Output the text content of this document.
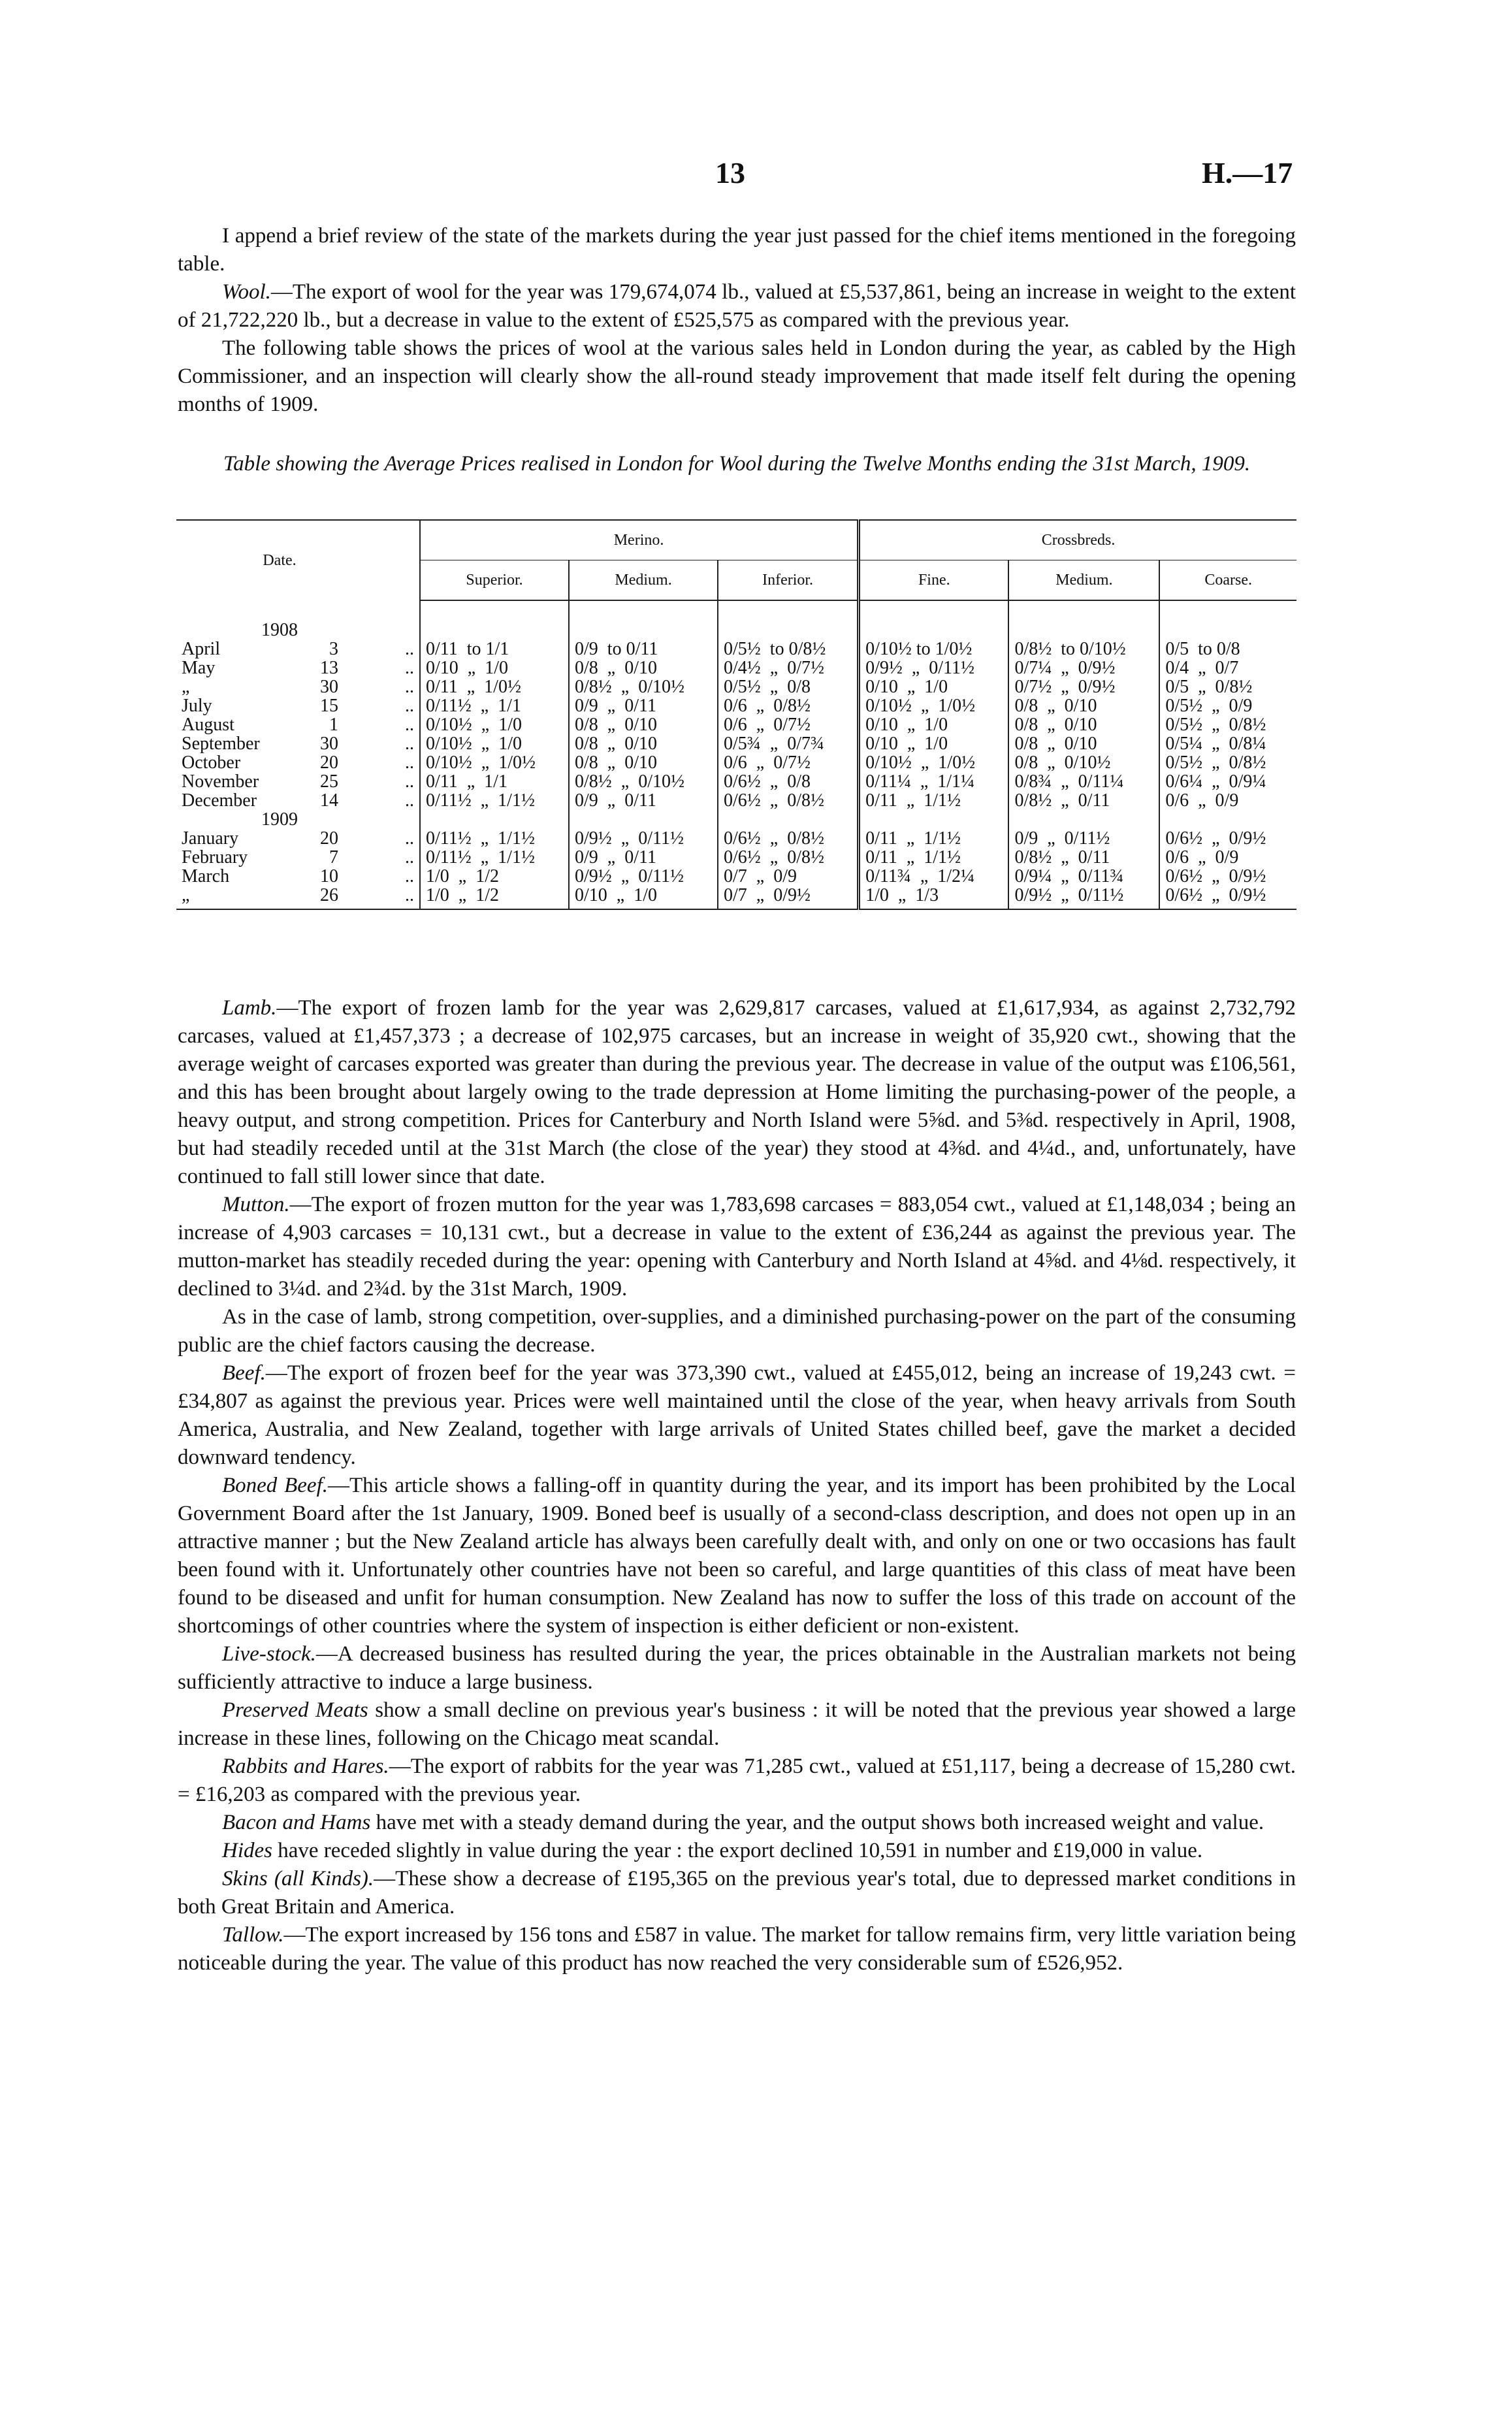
13	H.—17

I append a brief review of the state of the markets during the year just passed for the chief items mentioned in the foregoing table.

Wool.—The export of wool for the year was 179,674,074 lb., valued at £5,537,861, being an increase in weight to the extent of 21,722,220 lb., but a decrease in value to the extent of £525,575 as compared with the previous year.

The following table shows the prices of wool at the various sales held in London during the year, as cabled by the High Commissioner, and an inspection will clearly show the all-round steady improvement that made itself felt during the opening months of 1909.

Table showing the Average Prices realised in London for Wool during the Twelve Months ending the 31st March, 1909.
Date.		Merino.			Crossbreds.		
		Superior.	Medium.	Inferior.	Fine.	Medium.	Coarse.

1908							
April 3	..	0/11  to 1/1	0/9  to 0/11	0/5½  to 0/8½	0/10½ to 1/0½	0/8½  to 0/10½	0/5  to 0/8
May 13	..	0/10  „  1/0	0/8  „  0/10	0/4½  „  0/7½	0/9½  „  0/11½	0/7¼  „  0/9½	0/4  „  0/7
„ 30	..	0/11  „  1/0½	0/8½  „  0/10½	0/5½  „  0/8	0/10  „  1/0	0/7½  „  0/9½	0/5  „  0/8½
July 15	..	0/11½  „  1/1	0/9  „  0/11	0/6  „  0/8½	0/10½  „  1/0½	0/8  „  0/10	0/5½  „  0/9
August 1	..	0/10½  „  1/0	0/8  „  0/10	0/6  „  0/7½	0/10  „  1/0	0/8  „  0/10	0/5½  „  0/8½
September 30	..	0/10½  „  1/0	0/8  „  0/10	0/5¾  „  0/7¾	0/10  „  1/0	0/8  „  0/10	0/5¼  „  0/8¼
October 20	..	0/10½  „  1/0½	0/8  „  0/10	0/6  „  0/7½	0/10½  „  1/0½	0/8  „  0/10½	0/5½  „  0/8½
November 25	..	0/11  „  1/1	0/8½  „  0/10½	0/6½  „  0/8	0/11¼  „  1/1¼	0/8¾  „  0/11¼	0/6¼  „  0/9¼
December 14	..	0/11½  „  1/1½	0/9  „  0/11	0/6½  „  0/8½	0/11  „  1/1½	0/8½  „  0/11	0/6  „  0/9
1909							
January 20	..	0/11½  „  1/1½	0/9½  „  0/11½	0/6½  „  0/8½	0/11  „  1/1½	0/9  „  0/11½	0/6½  „  0/9½
February 7	..	0/11½  „  1/1½	0/9  „  0/11	0/6½  „  0/8½	0/11  „  1/1½	0/8½  „  0/11	0/6  „  0/9
March 10	..	1/0  „  1/2	0/9½  „  0/11½	0/7  „  0/9	0/11¾  „  1/2¼	0/9¼  „  0/11¾	0/6½  „  0/9½
„ 26	..	1/0  „  1/2	0/10  „  1/0	0/7  „  0/9½	1/0  „  1/3	0/9½  „  0/11½	0/6½  „  0/9½

Lamb.—The export of frozen lamb for the year was 2,629,817 carcases, valued at £1,617,934, as against 2,732,792 carcases, valued at £1,457,373 ; a decrease of 102,975 carcases, but an increase in weight of 35,920 cwt., showing that the average weight of carcases exported was greater than during the previous year. The decrease in value of the output was £106,561, and this has been brought about largely owing to the trade depression at Home limiting the purchasing-power of the people, a heavy output, and strong competition. Prices for Canterbury and North Island were 5⅝d. and 5⅜d. respectively in April, 1908, but had steadily receded until at the 31st March (the close of the year) they stood at 4⅜d. and 4¼d., and, unfortunately, have continued to fall still lower since that date.

Mutton.—The export of frozen mutton for the year was 1,783,698 carcases = 883,054 cwt., valued at £1,148,034 ; being an increase of 4,903 carcases = 10,131 cwt., but a decrease in value to the extent of £36,244 as against the previous year. The mutton-market has steadily receded during the year: opening with Canterbury and North Island at 4⅝d. and 4⅛d. respectively, it declined to 3¼d. and 2¾d. by the 31st March, 1909.

As in the case of lamb, strong competition, over-supplies, and a diminished purchasing-power on the part of the consuming public are the chief factors causing the decrease.

Beef.—The export of frozen beef for the year was 373,390 cwt., valued at £455,012, being an increase of 19,243 cwt. = £34,807 as against the previous year. Prices were well maintained until the close of the year, when heavy arrivals from South America, Australia, and New Zealand, together with large arrivals of United States chilled beef, gave the market a decided downward tendency.

Boned Beef.—This article shows a falling-off in quantity during the year, and its import has been prohibited by the Local Government Board after the 1st January, 1909. Boned beef is usually of a second-class description, and does not open up in an attractive manner ; but the New Zealand article has always been carefully dealt with, and only on one or two occasions has fault been found with it. Unfortunately other countries have not been so careful, and large quantities of this class of meat have been found to be diseased and unfit for human consumption. New Zealand has now to suffer the loss of this trade on account of the shortcomings of other countries where the system of inspection is either deficient or non-existent.

Live-stock.—A decreased business has resulted during the year, the prices obtainable in the Australian markets not being sufficiently attractive to induce a large business.

Preserved Meats show a small decline on previous year's business : it will be noted that the previous year showed a large increase in these lines, following on the Chicago meat scandal.

Rabbits and Hares.—The export of rabbits for the year was 71,285 cwt., valued at £51,117, being a decrease of 15,280 cwt. = £16,203 as compared with the previous year.

Bacon and Hams have met with a steady demand during the year, and the output shows both increased weight and value.

Hides have receded slightly in value during the year : the export declined 10,591 in number and £19,000 in value.

Skins (all Kinds).—These show a decrease of £195,365 on the previous year's total, due to depressed market conditions in both Great Britain and America.

Tallow.—The export increased by 156 tons and £587 in value. The market for tallow remains firm, very little variation being noticeable during the year. The value of this product has now reached the very considerable sum of £526,952.
